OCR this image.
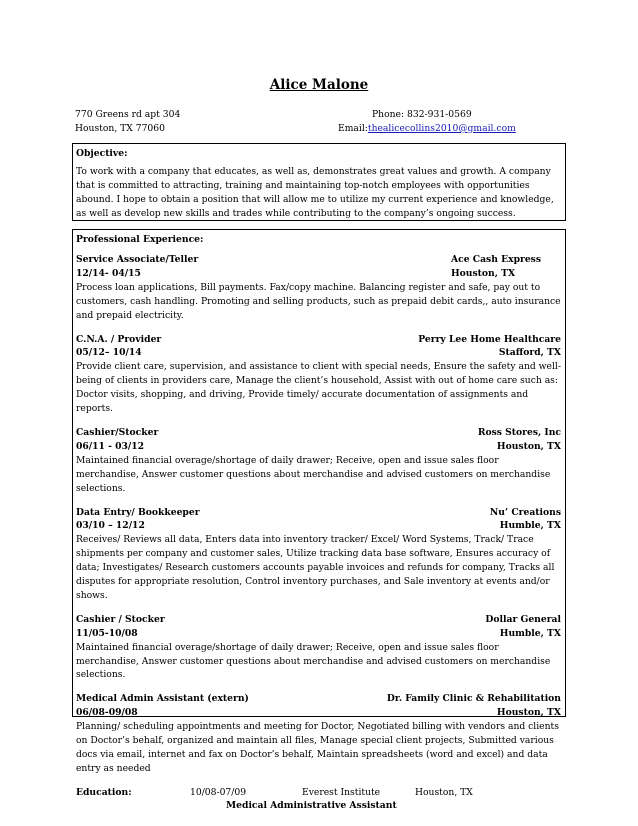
Alice Malone
770 Greens rd apt 304
Houston, TX 77060
Phone: 832-931-0569
Email:thealicecollins2010@gmail.com
Objective:

To work with a company that educates, as well as, demonstrates great values and growth. A company that is committed to attracting, training and maintaining top-notch employees with opportunities abound. I hope to obtain a position that will allow me to utilize my current experience and knowledge, as well as develop new skills and trades while contributing to the company’s ongoing success.

Professional Experience:
Service Associate/Teller	Ace Cash Express
12/14- 04/15	Houston, TX

Process loan applications, Bill payments. Fax/copy machine. Balancing register and safe, pay out to customers, cash handling. Promoting and selling products, such as prepaid debit cards,, auto insurance and prepaid electricity.

C.N.A. / Provider	Perry Lee Home Healthcare
05/12– 10/14	Stafford, TX

Provide client care, supervision, and assistance to client with special needs, Ensure the safety and well-being of clients in providers care, Manage the client’s household, Assist with out of home care such as: Doctor visits, shopping, and driving, Provide timely/ accurate documentation of assignments and reports.

Cashier/Stocker	Ross Stores, Inc
06/11 - 03/12	Houston, TX

Maintained financial overage/shortage of daily drawer; Receive, open and issue sales floor merchandise, Answer customer questions about merchandise and advised customers on merchandise selections.

Data Entry/ Bookkeeper	Nu’ Creations
03/10 – 12/12	Humble, TX

Receives/ Reviews all data, Enters data into inventory tracker/ Excel/ Word Systems, Track/ Trace shipments per company and customer sales, Utilize tracking data base software, Ensures accuracy of data; Investigates/ Research customers accounts payable invoices and refunds for company, Tracks all disputes for appropriate resolution, Control inventory purchases, and Sale inventory at events and/or shows.

Cashier / Stocker	Dollar General
11/05-10/08	Humble, TX

Maintained financial overage/shortage of daily drawer; Receive, open and issue sales floor merchandise, Answer customer questions about merchandise and advised customers on merchandise selections.

Medical Admin Assistant (extern)	Dr. Family Clinic & Rehabilitation
06/08-09/08	Houston, TX

Planning/ scheduling appointments and meeting for Doctor, Negotiated billing with vendors and clients on Doctor’s behalf, organized and maintain all files, Manage special client projects, Submitted various docs via email, internet and fax on Doctor’s behalf, Maintain spreadsheets (word and excel) and data entry as needed

Education:	10/08-07/09	Everest Institute	Houston, TX
Medical Administrative Assistant
